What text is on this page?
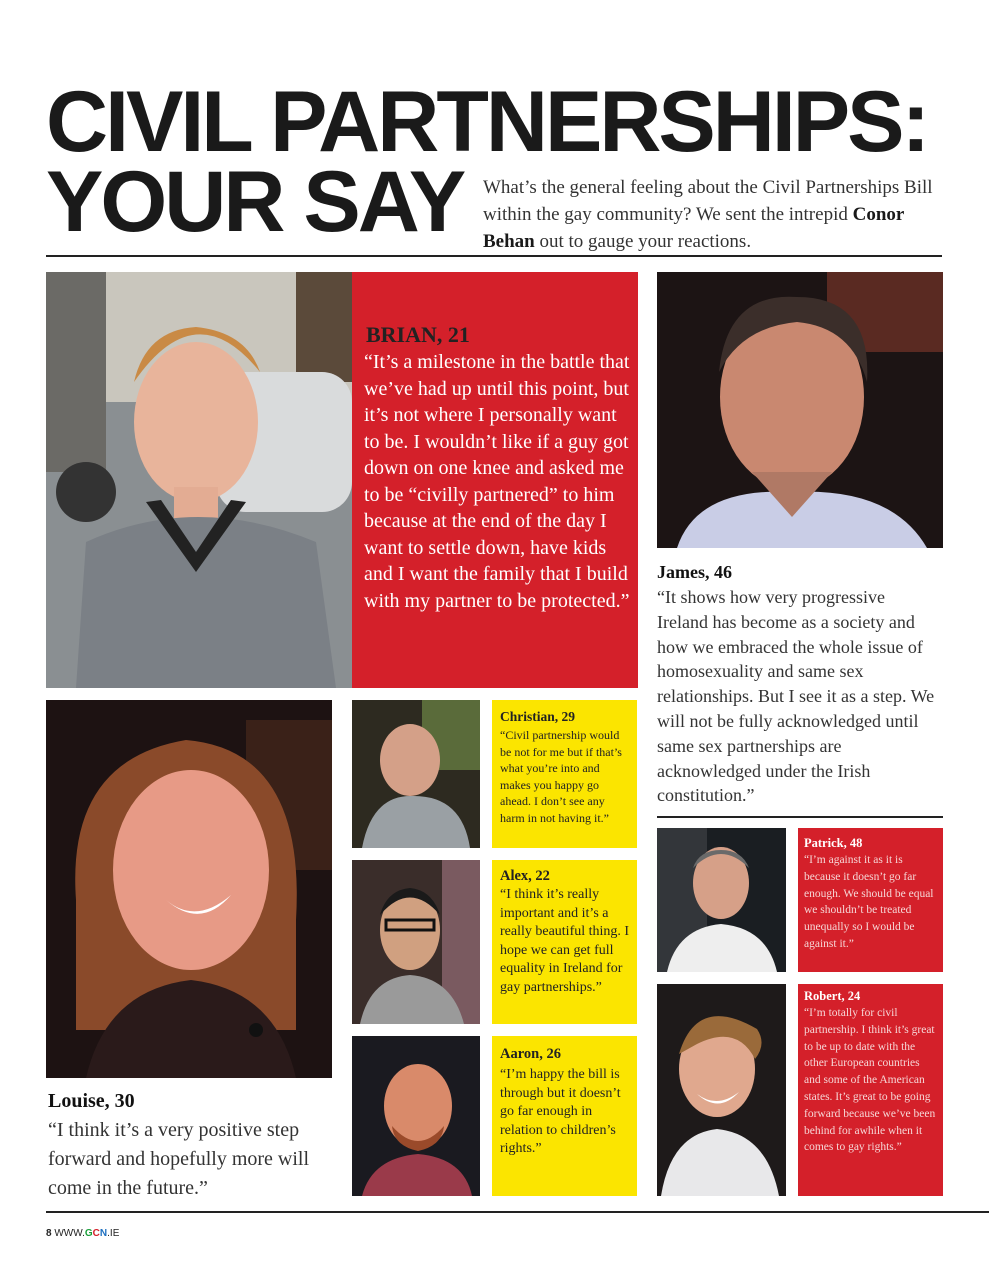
CIVIL PARTNERSHIPS:
YOUR SAY	What’s the general feeling about the Civil Partnerships Bill within the gay community? We sent the intrepid Conor Behan out to gauge your reactions.
BRIAN, 21
“It’s a milestone in the battle that we’ve had up until this point, but it’s not where I personally want to be. I wouldn’t like if a guy got down on one knee and asked me to be “civilly partnered” to him because at the end of the day I want to settle down, have kids and I want the family that I build with my partner to be protected.”
James, 46
“It shows how very progressive Ireland has become as a society and how we embraced the whole issue of homosexuality and same sex relationships. But I see it as a step. We will not be fully acknowledged until same sex partnerships are acknowledged under the Irish constitution.”
Louise, 30
“I think it’s a very positive step forward and hopefully more will come in the future.”
Christian, 29
“Civil partnership would be not for me but if that’s what you’re into and makes you happy go ahead. I don’t see any harm in not having it.”
Alex, 22
“I think it’s really important and it’s a really beautiful thing. I hope we can get full equality in Ireland for gay partnerships.”
Aaron, 26
“I’m happy the bill is through but it doesn’t go far enough in relation to children’s rights.”
Patrick, 48
“I’m against it as it is because it doesn’t go far enough. We should be equal we shouldn’t be treated unequally so I would be against it.”
Robert, 24
“I’m totally for civil partnership. I think it’s great to be up to date with the other European countries and some of the American states. It’s great to be going forward because we’ve been behind for awhile when it comes to gay rights.”
8 WWW.GCN.IE
